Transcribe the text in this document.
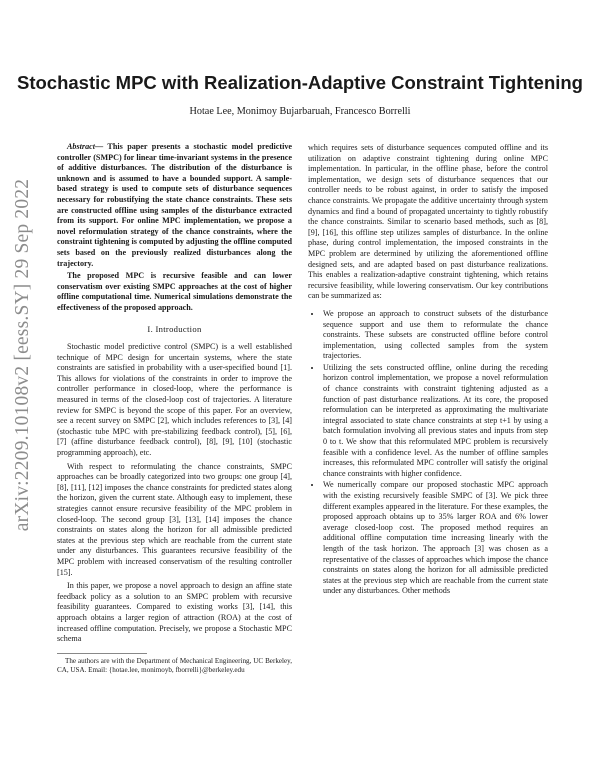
arXiv:2209.10108v2 [eess.SY] 29 Sep 2022
Stochastic MPC with Realization-Adaptive Constraint Tightening
Hotae Lee, Monimoy Bujarbaruah, Francesco Borrelli

Abstract— This paper presents a stochastic model predictive controller (SMPC) for linear time-invariant systems in the presence of additive disturbances. The distribution of the disturbance is unknown and is assumed to have a bounded support. A sample-based strategy is used to compute sets of disturbance sequences necessary for robustifying the state chance constraints. These sets are constructed offline using samples of the disturbance extracted from its support. For online MPC implementation, we propose a novel reformulation strategy of the chance constraints, where the constraint tightening is computed by adjusting the offline computed sets based on the previously realized disturbances along the trajectory.

The proposed MPC is recursive feasible and can lower conservatism over existing SMPC approaches at the cost of higher offline computational time. Numerical simulations demonstrate the effectiveness of the proposed approach.

I. Introduction

Stochastic model predictive control (SMPC) is a well established technique of MPC design for uncertain systems, where the state constraints are satisfied in probability with a user-specified bound [1]. This allows for violations of the constraints in order to improve the controller performance in closed-loop, where the performance is measured in terms of the closed-loop cost of trajectories. A literature review for SMPC is beyond the scope of this paper. For an overview, see a recent survey on SMPC [2], which includes references to [3], [4] (stochastic tube MPC with pre-stabilizing feedback control), [5], [6], [7] (affine disturbance feedback control), [8], [9], [10] (stochastic programming approach), etc.

With respect to reformulating the chance constraints, SMPC approaches can be broadly categorized into two groups: one group [4], [8], [11], [12] imposes the chance constraints for predicted states along the horizon, given the current state. Although easy to implement, these strategies cannot ensure recursive feasibility of the MPC problem in closed-loop. The second group [3], [13], [14] imposes the chance constraints on states along the horizon for all admissible predicted states at the previous step which are reachable from the current state under any disturbances. This guarantees recursive feasibility of the MPC problem with increased conservatism of the resulting controller [15].

In this paper, we propose a novel approach to design an affine state feedback policy as a solution to an SMPC problem with recursive feasibility guarantees. Compared to existing works [3], [14], this approach obtains a larger region of attraction (ROA) at the cost of increased offline computation. Precisely, we propose a Stochastic MPC schema

The authors are with the Department of Mechanical Engineering, UC Berkeley, CA, USA. Email: {hotae.lee, monimoyb, fborrelli}@berkeley.edu

which requires sets of disturbance sequences computed offline and its utilization on adaptive constraint tightening during online MPC implementation. In particular, in the offline phase, before the control implementation, we design sets of disturbance sequences that our controller needs to be robust against, in order to satisfy the imposed chance constraints. We propagate the additive uncertainty through system dynamics and find a bound of propagated uncertainty to tightly robustify the chance constraints. Similar to scenario based methods, such as [8], [9], [16], this offline step utilizes samples of disturbance. In the online phase, during control implementation, the imposed constraints in the MPC problem are determined by utilizing the aforementioned offline designed sets, and are adapted based on past disturbance realizations. This enables a realization-adaptive constraint tightening, which retains recursive feasibility, while lowering conservatism. Our key contributions can be summarized as:

• We propose an approach to construct subsets of the disturbance sequence support and use them to reformulate the chance constraints. These subsets are constructed offline before control implementation, using collected samples from the system trajectories.
• Utilizing the sets constructed offline, online during the receding horizon control implementation, we propose a novel reformulation of chance constraints with constraint tightening adjusted as a function of past disturbance realizations. At its core, the proposed reformulation can be interpreted as approximating the multivariate integral associated to state chance constraints at step t+1 by using a batch formulation involving all previous states and inputs from step 0 to t. We show that this reformulated MPC problem is recursively feasible with a confidence level. As the number of offline samples increases, this reformulated MPC controller will satisfy the original chance constraints with higher confidence.
• We numerically compare our proposed stochastic MPC approach with the existing recursively feasible SMPC of [3]. We pick three different examples appeared in the literature. For these examples, the proposed approach obtains up to 35% larger ROA and 6% lower average closed-loop cost. The proposed method requires an additional offline computation time increasing linearly with the length of the task horizon. The approach [3] was chosen as a representative of the classes of approaches which impose the chance constraints on states along the horizon for all admissible predicted states at the previous step which are reachable from the current state under any disturbances. Other methods
